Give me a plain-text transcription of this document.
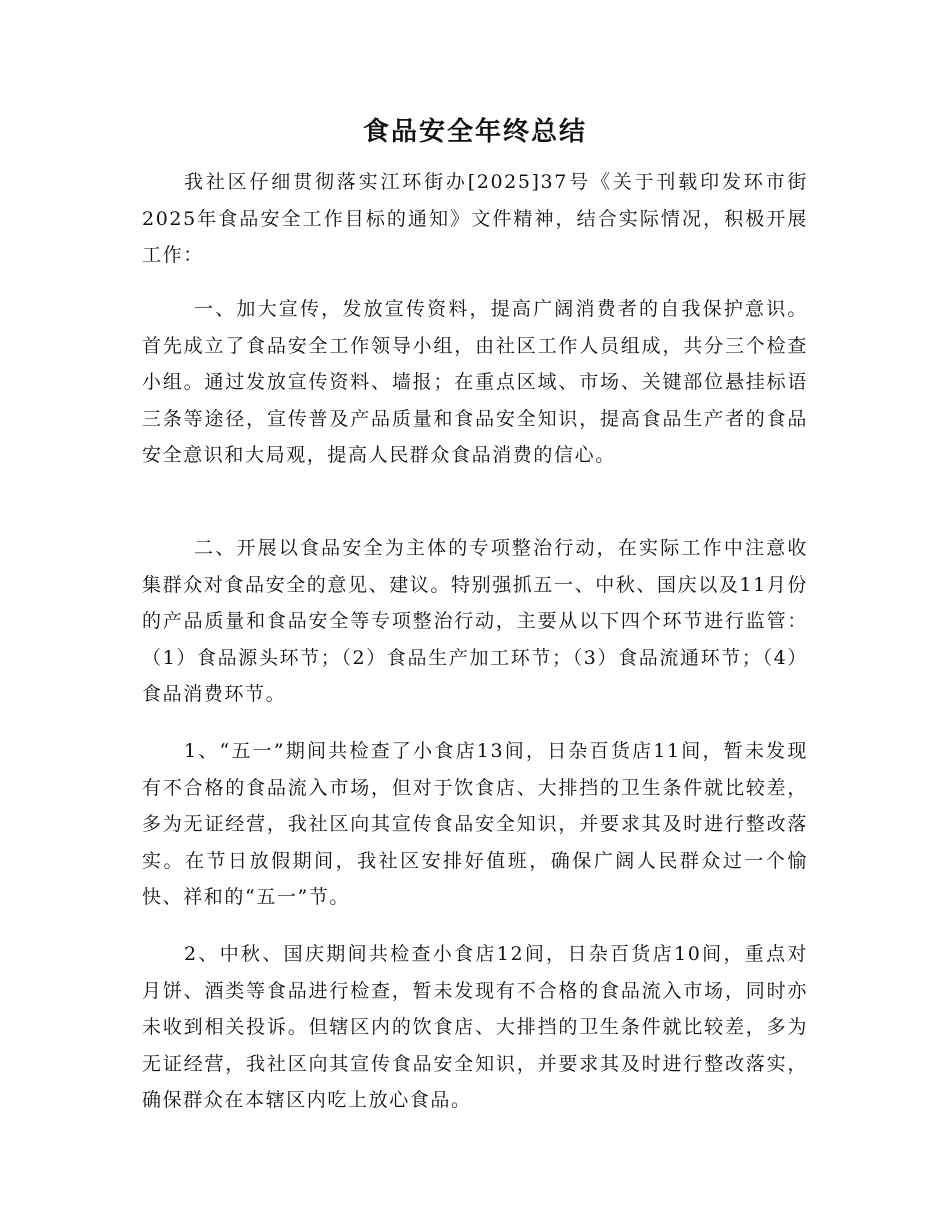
食品安全年终总结

我社区仔细贯彻落实江环街办[2025]37号《关于刊载印发环市街2025年食品安全工作目标的通知》文件精神，结合实际情况，积极开展工作：

一、加大宣传，发放宣传资料，提高广阔消费者的自我保护意识。首先成立了食品安全工作领导小组，由社区工作人员组成，共分三个检查小组。通过发放宣传资料、墙报；在重点区域、市场、关键部位悬挂标语三条等途径，宣传普及产品质量和食品安全知识，提高食品生产者的食品安全意识和大局观，提高人民群众食品消费的信心。

二、开展以食品安全为主体的专项整治行动，在实际工作中注意收集群众对食品安全的意见、建议。特别强抓五一、中秋、国庆以及11月份的产品质量和食品安全等专项整治行动，主要从以下四个环节进行监管：（1）食品源头环节；（2）食品生产加工环节；（3）食品流通环节；（4）食品消费环节。

1、“五一”期间共检查了小食店13间，日杂百货店11间，暂未发现有不合格的食品流入市场，但对于饮食店、大排挡的卫生条件就比较差，多为无证经营，我社区向其宣传食品安全知识，并要求其及时进行整改落实。在节日放假期间，我社区安排好值班，确保广阔人民群众过一个愉快、祥和的“五一”节。

2、中秋、国庆期间共检查小食店12间，日杂百货店10间，重点对月饼、酒类等食品进行检查，暂未发现有不合格的食品流入市场，同时亦未收到相关投诉。但辖区内的饮食店、大排挡的卫生条件就比较差，多为无证经营，我社区向其宣传食品安全知识，并要求其及时进行整改落实，确保群众在本辖区内吃上放心食品。
